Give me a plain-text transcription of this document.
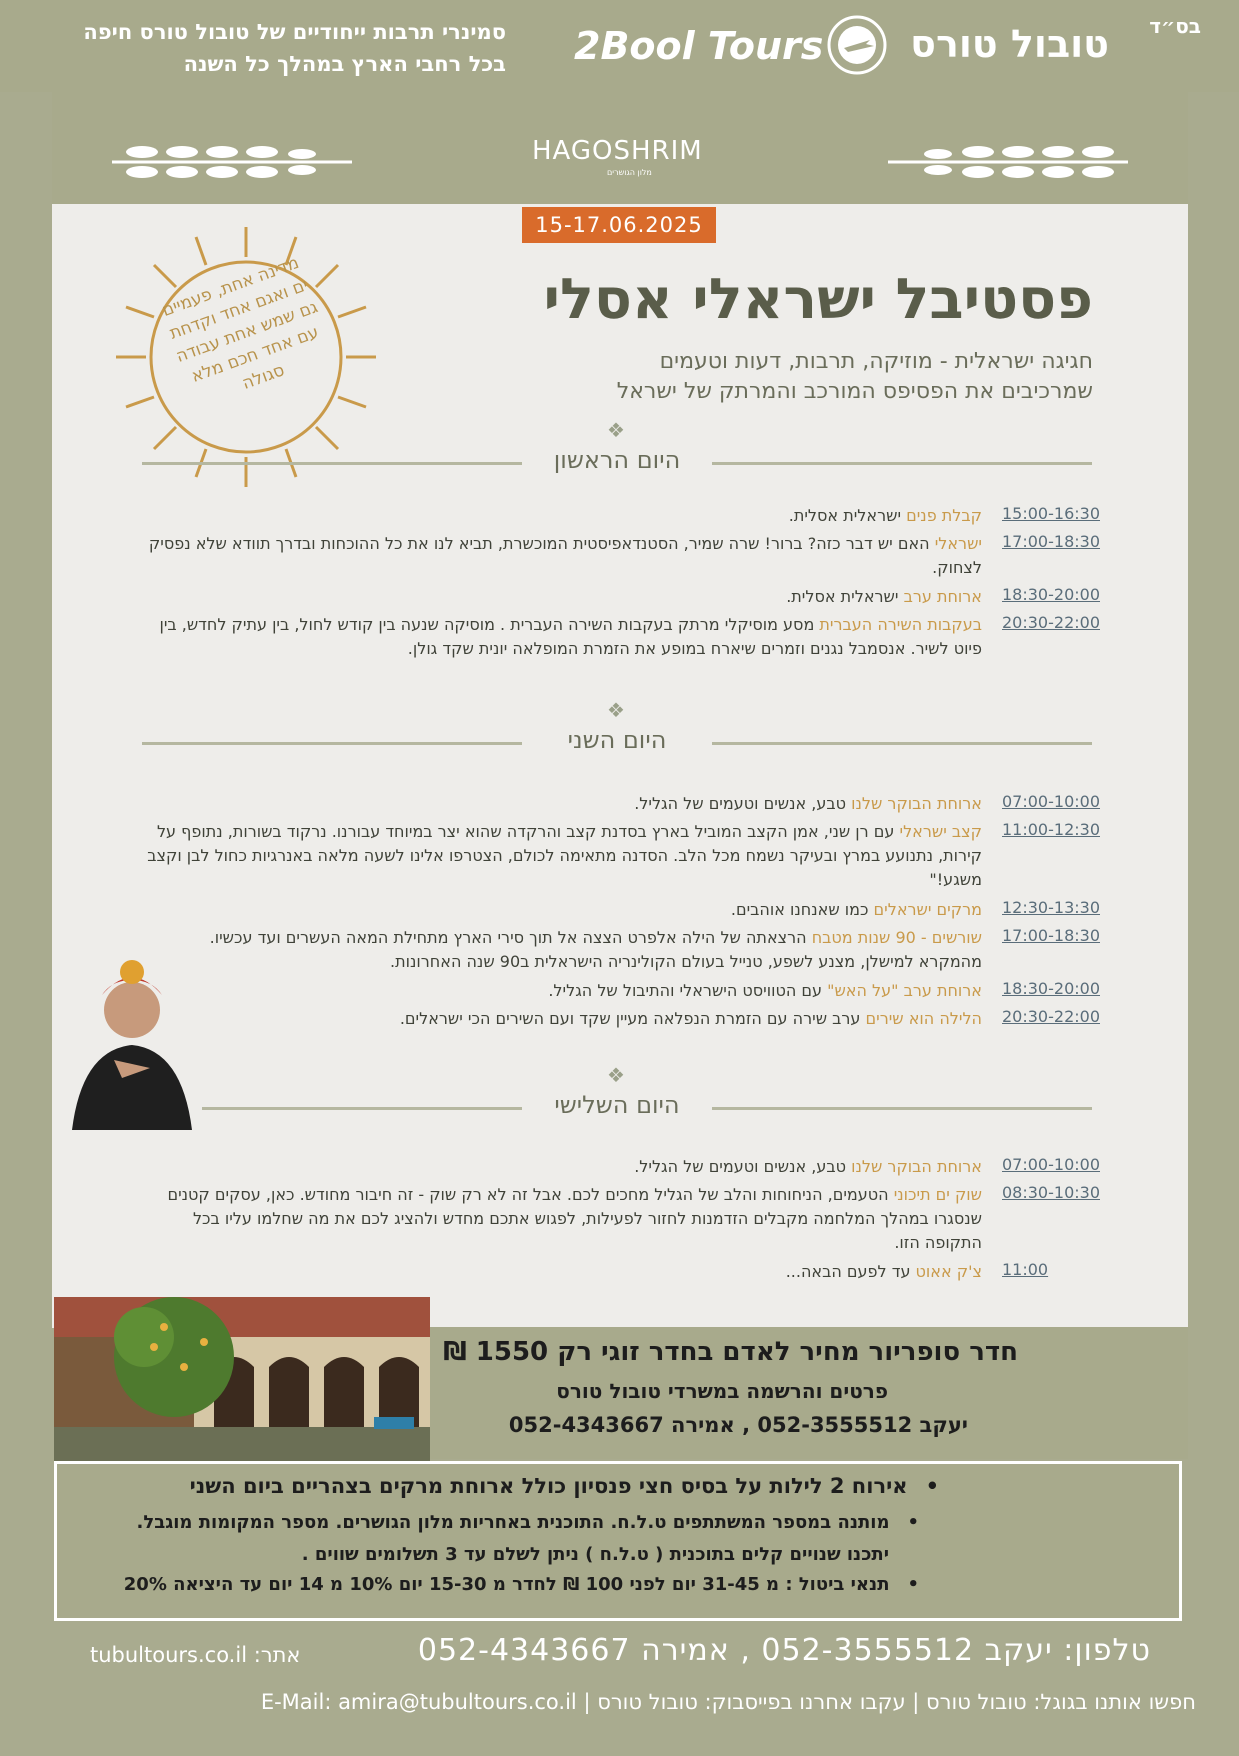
בס״ד
טובול טורס
2Bool Tours
סמינרי תרבות ייחודיים של טובול טורס חיפה
בכל רחבי הארץ במהלך כל השנה
HAGOSHRIM
מלון הגושרים
15-17.06.2025
מדינה אחת, פעמיים ים ואגם אחד וקדחת גם שמש אחת עבודה עם אחד חכם מלא סגולה
פסטיבל ישראלי אסלי
חגיגה ישראלית - מוזיקה, תרבות, דעות וטעמים
שמרכיבים את הפסיפס המורכב והמרתק של ישראל
❖
היום הראשון
15:00-16:30
קבלת פנים ישראלית אסלית.
17:00-18:30
ישראלי האם יש דבר כזה? ברור! שרה שמיר, הסטנדאפיסטית המוכשרת, תביא לנו את כל ההוכחות ובדרך תוודא שלא נפסיק לצחוק.
18:30-20:00
ארוחת ערב ישראלית אסלית.
20:30-22:00
בעקבות השירה העברית מסע מוסיקלי מרתק בעקבות השירה העברית . מוסיקה שנעה בין קודש לחול, בין עתיק לחדש, בין פיוט לשיר. אנסמבל נגנים וזמרים שיארח במופע את הזמרת המופלאה יונית שקד גולן.
❖
היום השני
07:00-10:00
ארוחת הבוקר שלנו טבע, אנשים וטעמים של הגליל.
11:00-12:30
קצב ישראלי עם רן שני, אמן הקצב המוביל בארץ בסדנת קצב והרקדה שהוא יצר במיוחד עבורנו. נרקוד בשורות, נתופף על קירות, נתנועע במרץ ובעיקר נשמח מכל הלב. הסדנה מתאימה לכולם, הצטרפו אלינו לשעה מלאה באנרגיות כחול לבן וקצב משגע!"
12:30-13:30
מרקים ישראלים כמו שאנחנו אוהבים.
17:00-18:30
שורשים - 90 שנות מטבח הרצאתה של הילה אלפרט הצצה אל תוך סירי הארץ מתחילת המאה העשרים ועד עכשיו. מהמקרא למישלן, מצנע לשפע, טנייל בעולם הקולינריה הישראלית ב90 שנה האחרונות.
18:30-20:00
ארוחת ערב "על האש" עם הטוויסט הישראלי והתיבול של הגליל.
20:30-22:00
הלילה הוא שירים ערב שירה עם הזמרת הנפלאה מעיין שקד ועם השירים הכי ישראלים.
❖
היום השלישי
07:00-10:00
ארוחת הבוקר שלנו טבע, אנשים וטעמים של הגליל.
08:30-10:30
שוק ים תיכוני הטעמים, הניחוחות והלב של הגליל מחכים לכם. אבל זה לא רק שוק - זה חיבור מחודש. כאן, עסקים קטנים שנסגרו במהלך המלחמה מקבלים הזדמנות לחזור לפעילות, לפגוש אתכם מחדש ולהציג לכם את מה שחלמו עליו בכל התקופה הזו.
11:00
צ'ק אאוט עד לפעם הבאה...
חדר סופריור מחיר לאדם בחדר זוגי רק 1550 ₪
פרטים והרשמה במשרדי טובול טורס
יעקב 052-3555512 , אמירה 052-4343667
•אירוח 2 לילות על בסיס חצי פנסיון כולל ארוחת מרקים בצהריים ביום השני
•מותנה במספר המשתתפים ט.ל.ח. התוכנית באחריות מלון הגושרים. מספר המקומות מוגבל.
יתכנו שנויים קלים בתוכנית ( ט.ל.ח ) ניתן לשלם עד 3 תשלומים שווים .
•תנאי ביטול : מ 31-45 יום לפני 100 ₪ לחדר מ 15-30 יום 10% מ 14 יום עד היציאה 20%
טלפון: יעקב 052-3555512 , אמירה 052-4343667
אתר: tubultours.co.il
חפשו אותנו בגוגל: טובול טורס | עקבו אחרנו בפייסבוק: טובול טורס | E-Mail: amira@tubultours.co.il
